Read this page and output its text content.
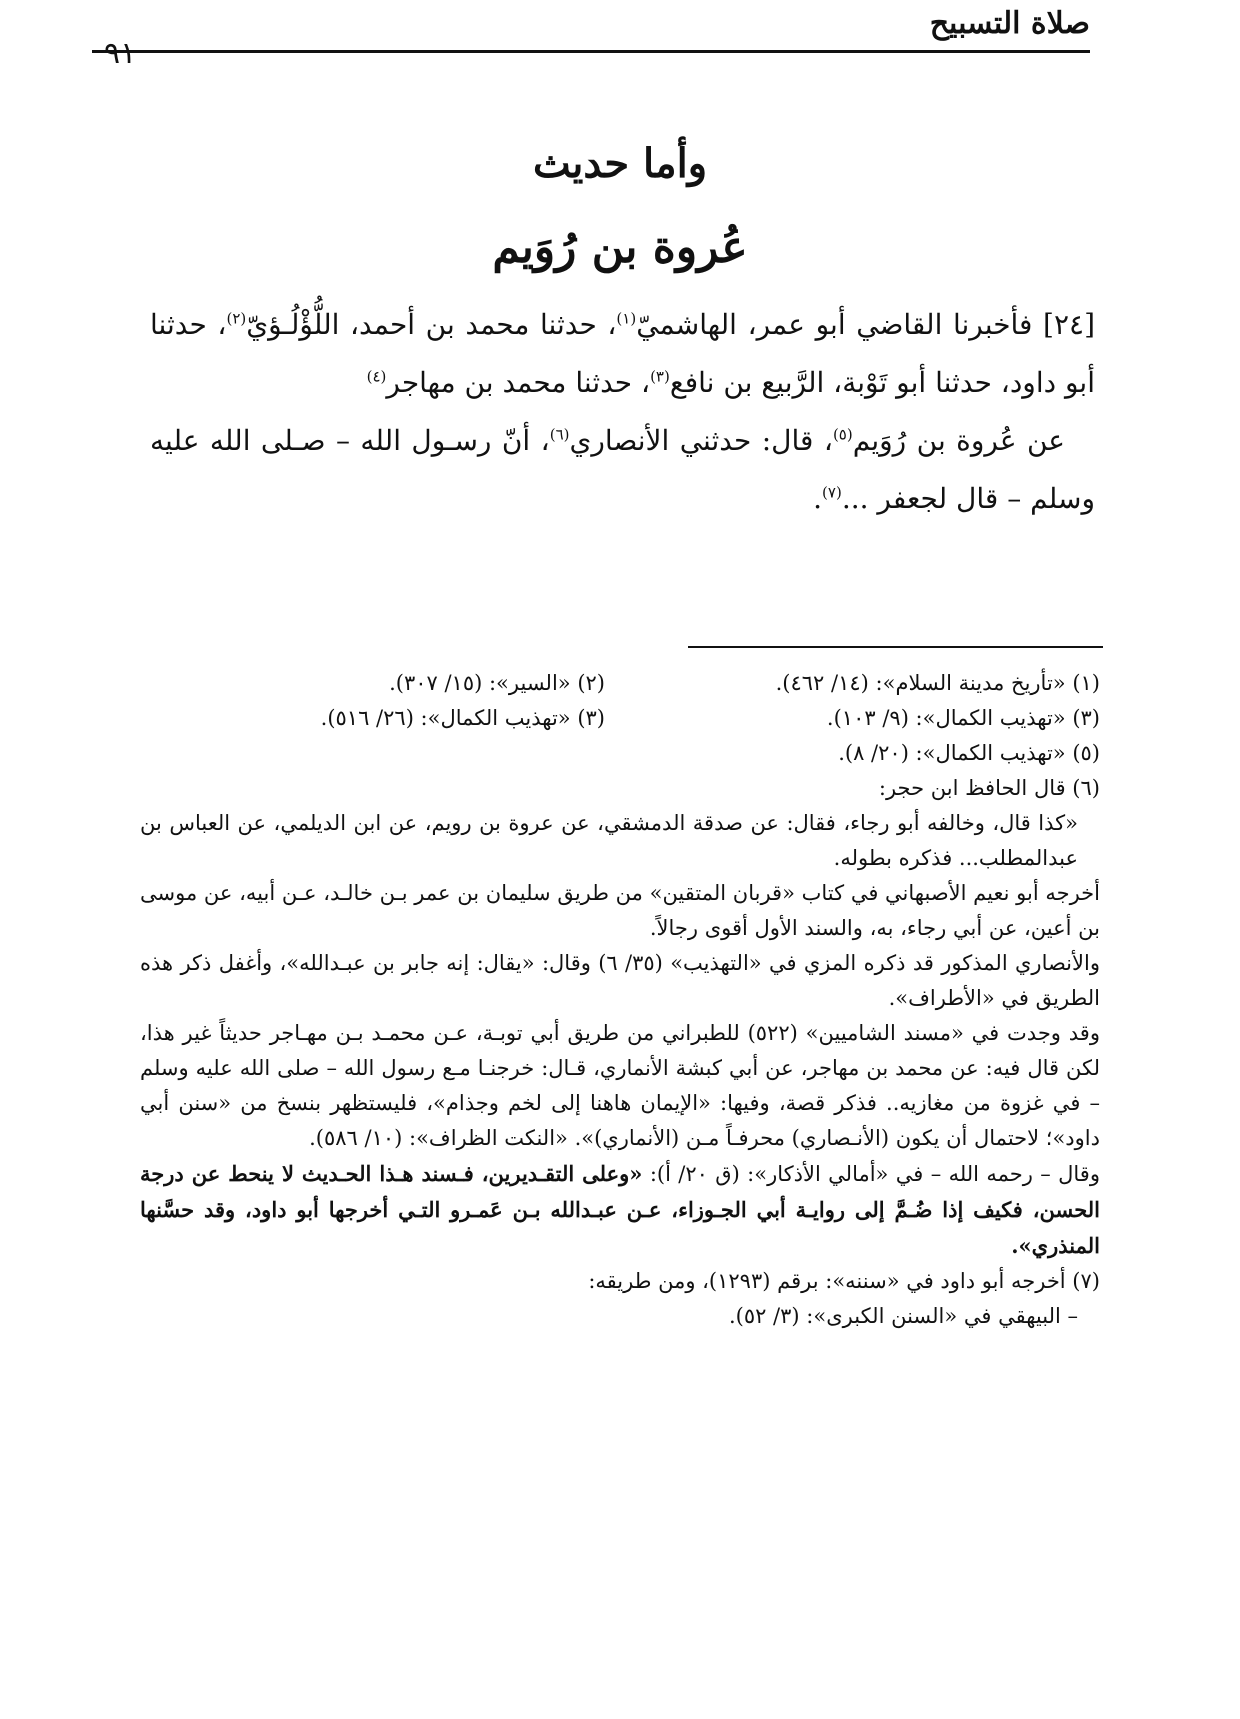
صلاة التسبيح
٩١
وأما حديث
عُروة بن رُوَيم

[٢٤] فأخبرنا القاضي أبو عمر، الهاشميّ$^{(١)}$، حدثنا محمد بن أحمد، اللُّؤْلُـؤيّ$^{(٢)}$، حدثنا أبو داود، حدثنا أبو تَوْبة، الرَّبيع بن نافع$^{(٣)}$، حدثنا محمد بن مهاجر$^{(٤)}$

عن عُروة بن رُوَيم$^{(٥)}$، قال: حدثني الأنصاري$^{(٦)}$، أنّ رسـول الله – صـلى الله عليه وسلم – قال لجعفر ...$^{(٧)}$.

(١) «تأريخ مدينة السلام»: (١٤/ ٤٦٢).
(٢) «السير»: (١٥/ ٣٠٧).
(٣) «تهذيب الكمال»: (٩/ ١٠٣).
(٣) «تهذيب الكمال»: (٢٦/ ٥١٦).
(٥) «تهذيب الكمال»: (٢٠/ ٨).

(٦) قال الحافظ ابن حجر:

«كذا قال، وخالفه أبو رجاء، فقال: عن صدقة الدمشقي، عن عروة بن رويم، عن ابن الديلمي، عن العباس بن عبدالمطلب... فذكره بطوله.

أخرجه أبو نعيم الأصبهاني في كتاب «قربان المتقين» من طريق سليمان بن عمر بـن خالـد، عـن أبيه، عن موسى بن أعين، عن أبي رجاء، به، والسند الأول أقوى رجالاً.

والأنصاري المذكور قد ذكره المزي في «التهذيب» (٣٥/ ٦) وقال: «يقال: إنه جابر بن عبـدالله»، وأغفل ذكر هذه الطريق في «الأطراف».

وقد وجدت في «مسند الشاميين» (٥٢٢) للطبراني من طريق أبي توبـة، عـن محمـد بـن مهـاجر حديثاً غير هذا، لكن قال فيه: عن محمد بن مهاجر، عن أبي كبشة الأنماري، قـال: خرجنـا مـع رسول الله – صلى الله عليه وسلم – في غزوة من مغازيه.. فذكر قصة، وفيها: «الإيمان هاهنا إلى لخم وجذام»، فليستظهر بنسخ من «سنن أبي داود»؛ لاحتمال أن يكون (الأنـصاري) محرفـاً مـن (الأنماري)». «النكت الظراف»: (١٠/ ٥٨٦).

وقال – رحمه الله – في «أمالي الأذكار»: (ق ٢٠/ أ): «وعلى التقـديرين، فـسند هـذا الحـديث لا ينحط عن درجة الحسن، فكيف إذا ضُـمَّ إلى روايـة أبي الجـوزاء، عـن عبـدالله بـن عَمـرو التـي أخرجها أبو داود، وقد حسَّنها المنذري».

(٧) أخرجه أبو داود في «سننه»: برقم (١٢٩٣)، ومن طريقه:

– البيهقي في «السنن الكبرى»: (٣/ ٥٢).
